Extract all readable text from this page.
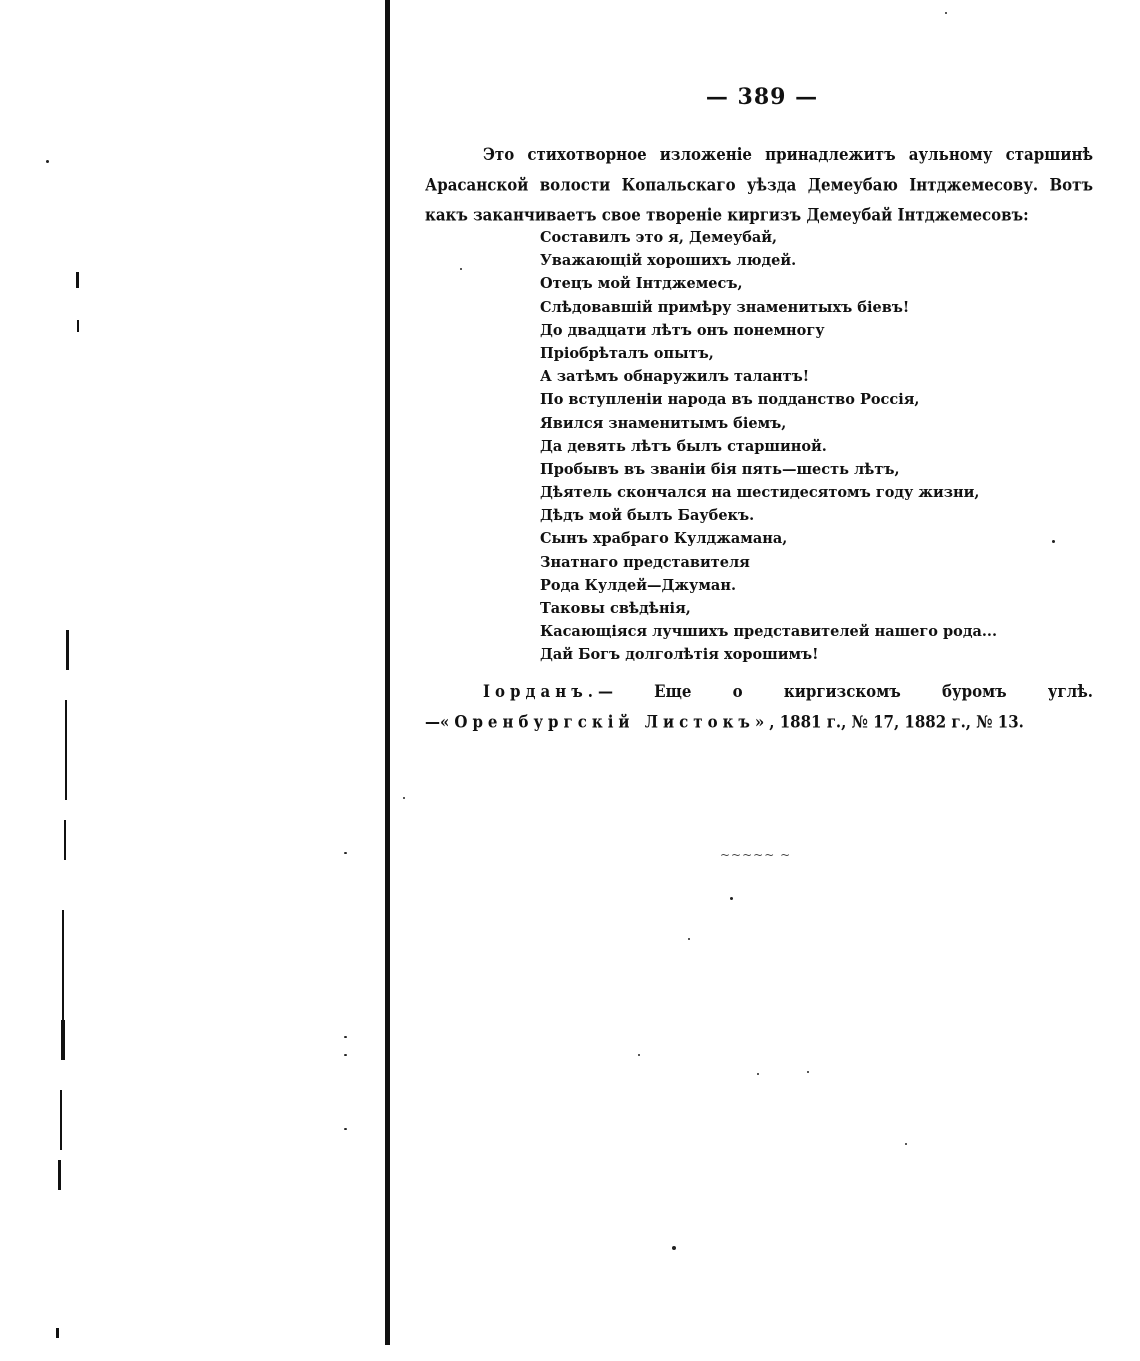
— 389 —

Это стихотворное изложеніе принадлежитъ аульному старшинѣ Арасанской волости Копальскаго уѣзда Демеубаю Інтджемесову. Вотъ какъ заканчиваетъ свое твореніе киргизъ Демеубай Інтджемесовъ:

Составилъ это я, Демеубай,
Уважающій хорошихъ людей.
Отецъ мой Інтджемесъ,
Слѣдовавшій примѣру знаменитыхъ біевъ!
До двадцати лѣтъ онъ понемногу
Пріобрѣталъ опытъ,
А затѣмъ обнаружилъ талантъ!
По вступленіи народа въ подданство Россія,
Явился знаменитымъ біемъ,
Да девять лѣтъ былъ старшиной.
Пробывъ въ званіи бія пять—шесть лѣтъ,
Дѣятель скончался на шестидесятомъ году жизни,
Дѣдъ мой былъ Баубекъ.
Сынъ храбраго Кулджамана,
Знатнаго представителя
Рода Кулдей—Джуман.
Таковы свѣдѣнія,
Касающіяся лучшихъ представителей нашего рода...
Дай Богъ долголѣтія хорошимъ!

Іорданъ.— Еще о киргизскомъ буромъ углѣ.—«Оренбургскій Листокъ», 1881 г., № 17, 1882 г., № 13.

~~~~~ ~
